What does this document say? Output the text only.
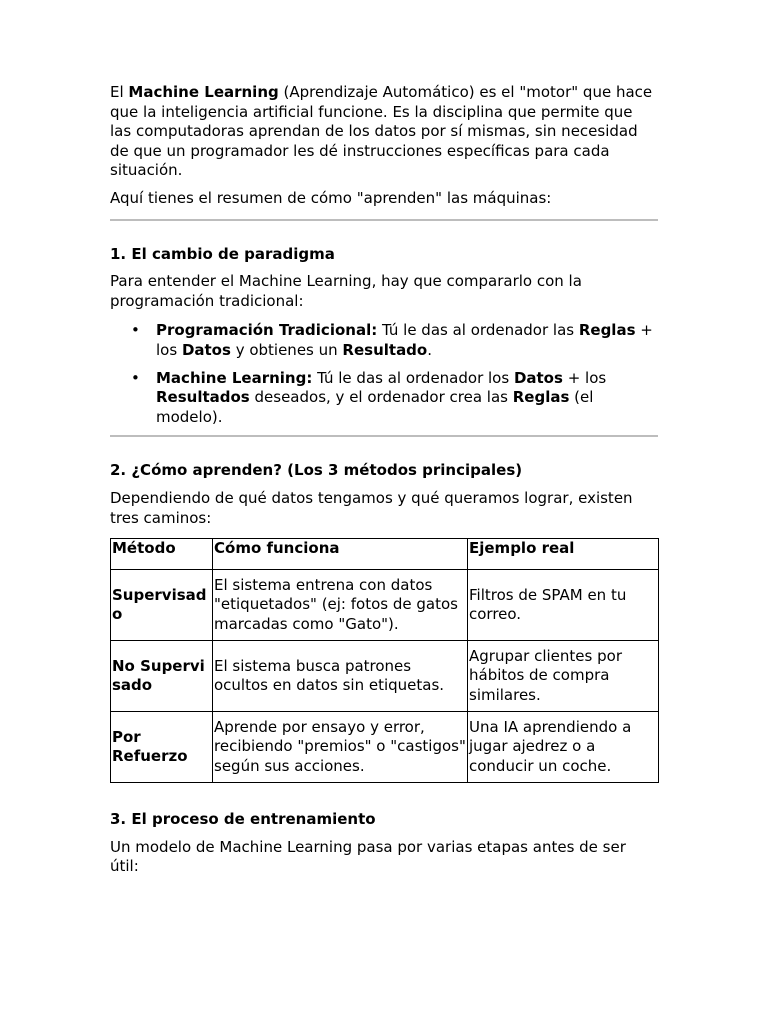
El Machine Learning (Aprendizaje Automático) es el "motor" que hace que la inteligencia artificial funcione. Es la disciplina que permite que las computadoras aprendan de los datos por sí mismas, sin necesidad de que un programador les dé instrucciones específicas para cada situación.

Aquí tienes el resumen de cómo "aprenden" las máquinas:

1. El cambio de paradigma

Para entender el Machine Learning, hay que compararlo con la programación tradicional:

• Programación Tradicional: Tú le das al ordenador las Reglas + los Datos y obtienes un Resultado.
• Machine Learning: Tú le das al ordenador los Datos + los Resultados deseados, y el ordenador crea las Reglas (el modelo).
2. ¿Cómo aprenden? (Los 3 métodos principales)

Dependiendo de qué datos tengamos y qué queramos lograr, existen tres caminos:

Método	Cómo funciona	Ejemplo real
Supervisado	El sistema entrena con datos "etiquetados" (ej: fotos de gatos marcadas como "Gato").	Filtros de SPAM en tu correo.
No Supervisado	El sistema busca patrones ocultos en datos sin etiquetas.	Agrupar clientes por hábitos de compra similares.
Por Refuerzo	Aprende por ensayo y error, recibiendo "premios" o "castigos" según sus acciones.	Una IA aprendiendo a jugar ajedrez o a conducir un coche.
3. El proceso de entrenamiento

Un modelo de Machine Learning pasa por varias etapas antes de ser útil:
